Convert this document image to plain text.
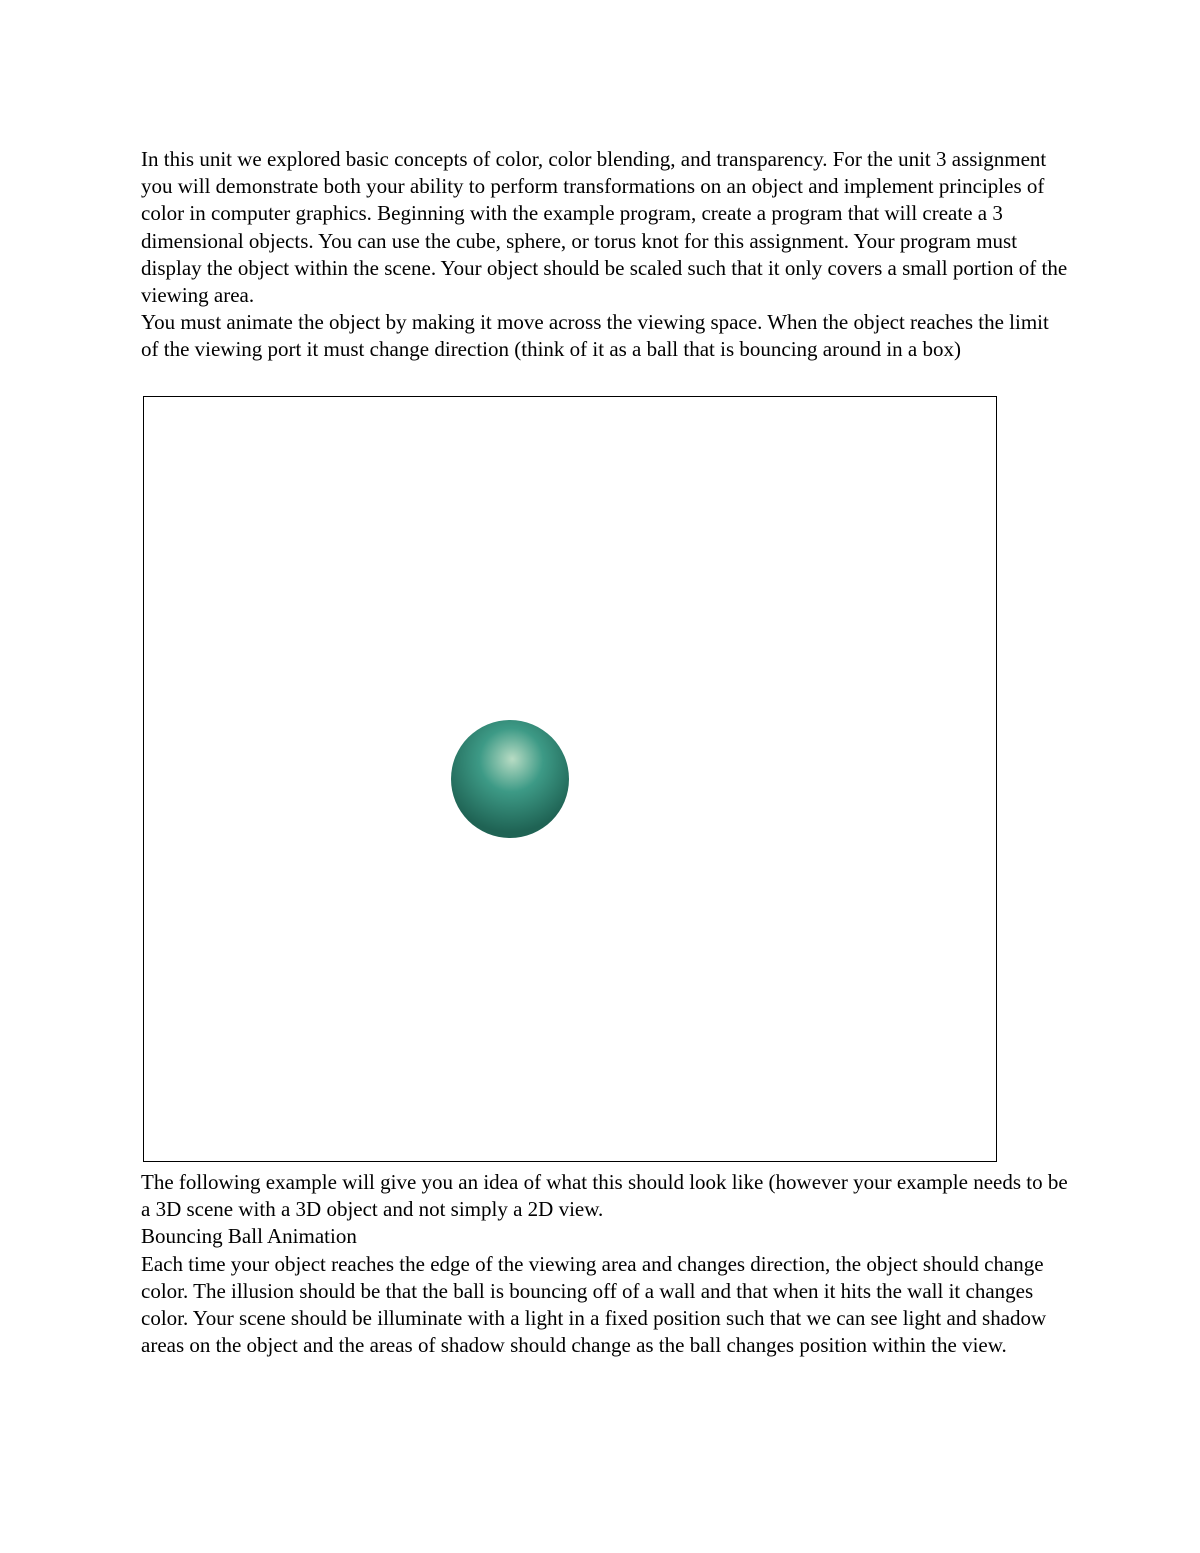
In this unit we explored basic concepts of color, color blending, and transparency. For the unit 3 assignment you will demonstrate both your ability to perform transformations on an object and implement principles of color in computer graphics. Beginning with the example program, create a program that will create a 3 dimensional objects. You can use the cube, sphere, or torus knot for this assignment. Your program must display the object within the scene. Your object should be scaled such that it only covers a small portion of the viewing area.

You must animate the object by making it move across the viewing space. When the object reaches the limit of the viewing port it must change direction (think of it as a ball that is bouncing around in a box)

The following example will give you an idea of what this should look like (however your example needs to be a 3D scene with a 3D object and not simply a 2D view.

Bouncing Ball Animation

Each time your object reaches the edge of the viewing area and changes direction, the object should change color. The illusion should be that the ball is bouncing off of a wall and that when it hits the wall it changes color. Your scene should be illuminate with a light in a fixed position such that we can see light and shadow areas on the object and the areas of shadow should change as the ball changes position within the view.
